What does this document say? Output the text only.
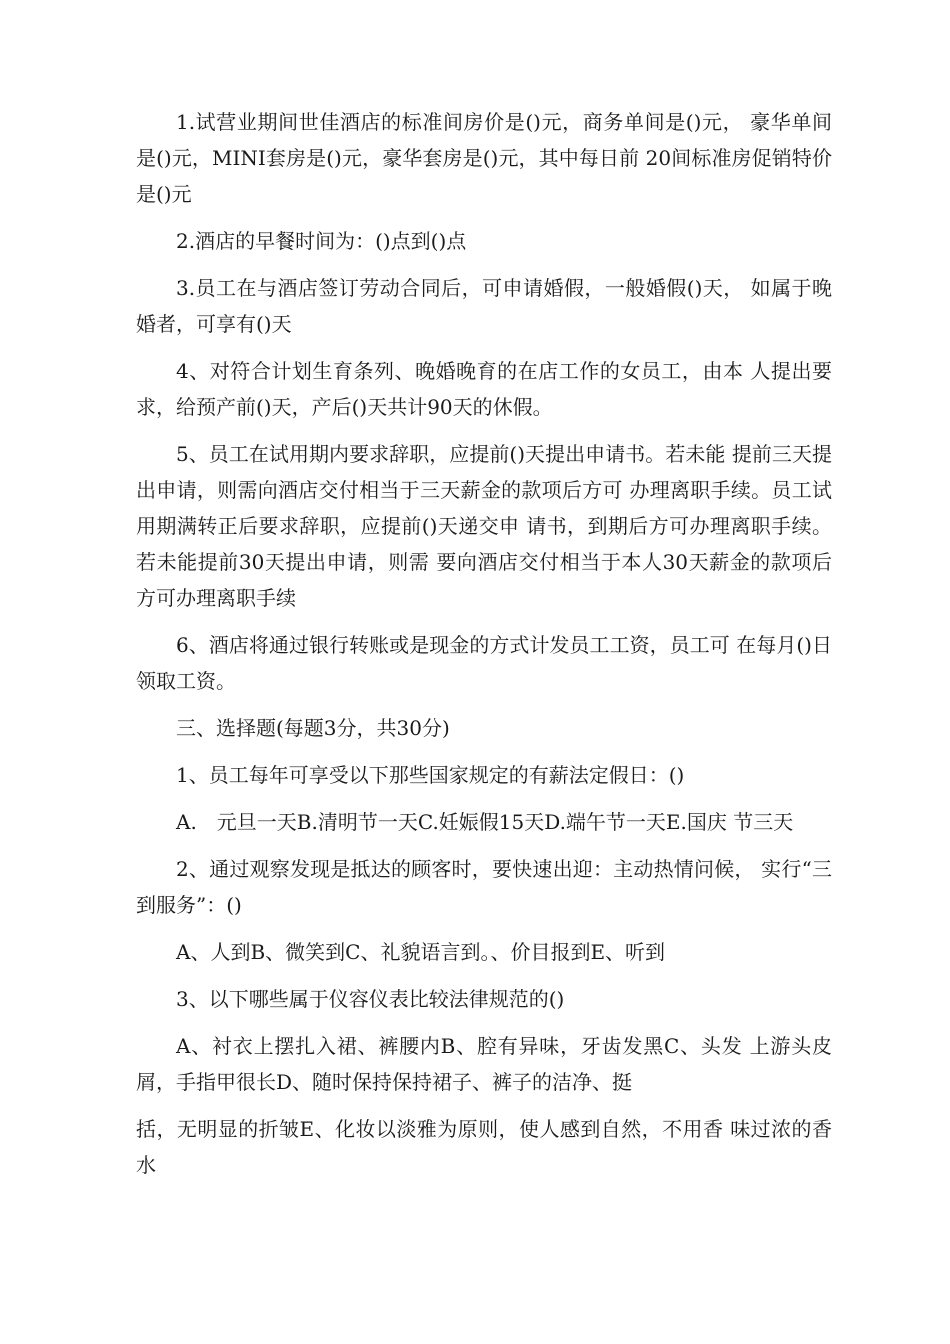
1.试营业期间世佳酒店的标准间房价是()元，商务单间是()元， 豪华单间是()元，MINI套房是()元，豪华套房是()元，其中每日前 20间标准房促销特价是()元

2.酒店的早餐时间为：()点到()点

3.员工在与酒店签订劳动合同后，可申请婚假，一般婚假()天， 如属于晚婚者，可享有()天

4、对符合计划生育条列、晚婚晚育的在店工作的女员工，由本 人提出要求，给预产前()天，产后()天共计90天的休假。

5、员工在试用期内要求辞职，应提前()天提出申请书。若未能 提前三天提出申请，则需向酒店交付相当于三天薪金的款项后方可 办理离职手续。员工试用期满转正后要求辞职，应提前()天递交申 请书，到期后方可办理离职手续。若未能提前30天提出申请，则需 要向酒店交付相当于本人30天薪金的款项后方可办理离职手续

6、酒店将通过银行转账或是现金的方式计发员工工资，员工可 在每月()日领取工资。

三、选择题(每题3分，共30分)

1、员工每年可享受以下那些国家规定的有薪法定假日：()

A.　元旦一天B.清明节一天C.妊娠假15天D.端午节一天E.国庆 节三天

2、通过观察发现是抵达的顾客时，要快速出迎：主动热情问候， 实行“三到服务”：()

A、人到B、微笑到C、礼貌语言到。、价目报到E、听到

3、以下哪些属于仪容仪表比较法律规范的()

A、衬衣上摆扎入裙、裤腰内B、腔有异味，牙齿发黑C、头发 上游头皮屑，手指甲很长D、随时保持保持裙子、裤子的洁净、挺

括，无明显的折皱E、化妆以淡雅为原则，使人感到自然，不用香 味过浓的香水
